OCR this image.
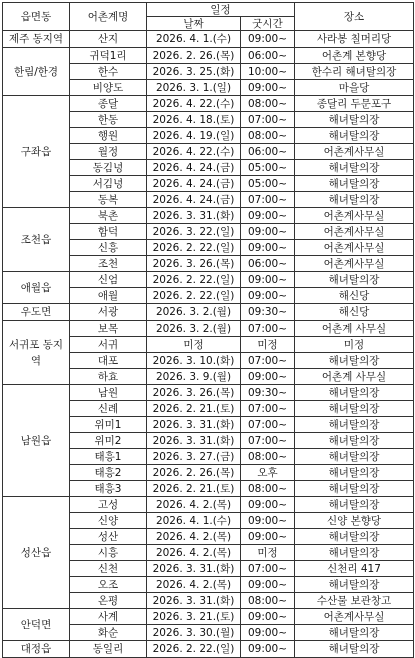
읍면동	어촌계명	일정		장소
		날짜	굿시간	
제주 동지역	산지	2026. 4. 1.(수)	09:00~	사라봉 칠머리당
한림/한경	귀덕1리	2026. 2. 26.(목)	06:00~	어촌계 본향당
	한수	2026. 3. 25.(화)	10:00~	한수리 해녀탈의장
	비양도	2026. 3. 1.(일)	09:00~	마을당
구좌읍	종달	2026. 4. 22.(수)	08:00~	종달리 두문포구
	한동	2026. 4. 18.(토)	07:00~	해녀탈의장
	행원	2026. 4. 19.(일)	08:00~	해녀탈의장
	월정	2026. 4. 22.(수)	06:00~	어촌계사무실
	동김녕	2026. 4. 24.(금)	05:00~	해녀탈의장
	서김녕	2026. 4. 24.(금)	05:00~	해녀탈의장
	동복	2026. 4. 24.(금)	07:00~	해녀탈의장
조천읍	북촌	2026. 3. 31.(화)	09:00~	어촌계사무실
	함덕	2026. 3. 22.(일)	09:00~	어촌계사무실
	신흥	2026. 2. 22.(일)	09:00~	어촌계사무실
	조천	2026. 3. 26.(목)	06:00~	어촌계사무실
애월읍	신엄	2026. 2. 22.(일)	09:00~	해녀탈의장
	애월	2026. 2. 22.(일)	09:00~	해신당
우도면	서광	2026. 3. 2.(월)	09:30~	해신당
서귀포 동지역	보목	2026. 3. 2.(월)	07:00~	어촌계 사무실
	서귀	미정	미정	미정
	대포	2026. 3. 10.(화)	07:00~	해녀탈의장
	하효	2026. 3. 9.(월)	09:00~	어촌계 사무실
남원읍	남원	2026. 3. 26.(목)	09:30~	해녀탈의장
	신례	2026. 2. 21.(토)	07:00~	해녀탈의장
	위미1	2026. 3. 31.(화)	07:00~	해녀탈의장
	위미2	2026. 3. 31.(화)	07:00~	해녀탈의장
	태흥1	2026. 3. 27.(금)	08:00~	해녀탈의장
	태흥2	2026. 2. 26.(목)	오후	해녀탈의장
	태흥3	2026. 2. 21.(토)	08:00~	해녀탈의장
성산읍	고성	2026. 4. 2.(목)	09:00~	해녀탈의장
	신양	2026. 4. 1.(수)	09:00~	신양 본향당
	성산	2026. 4. 2.(목)	09:00~	해녀탈의장
	시흥	2026. 4. 2.(목)	미정	해녀탈의장
	신천	2026. 3. 31.(화)	07:00~	신천리 417
	오조	2026. 4. 2.(목)	09:00~	해녀탈의장
	온평	2026. 3. 31.(화)	08:00~	수산물 보관창고
안덕면	사계	2026. 3. 21.(토)	09:00~	어촌계사무실
	화순	2026. 3. 30.(월)	09:00~	해녀탈의장
대정읍	동일리	2026. 2. 22.(일)	09:00~	해녀탈의장
